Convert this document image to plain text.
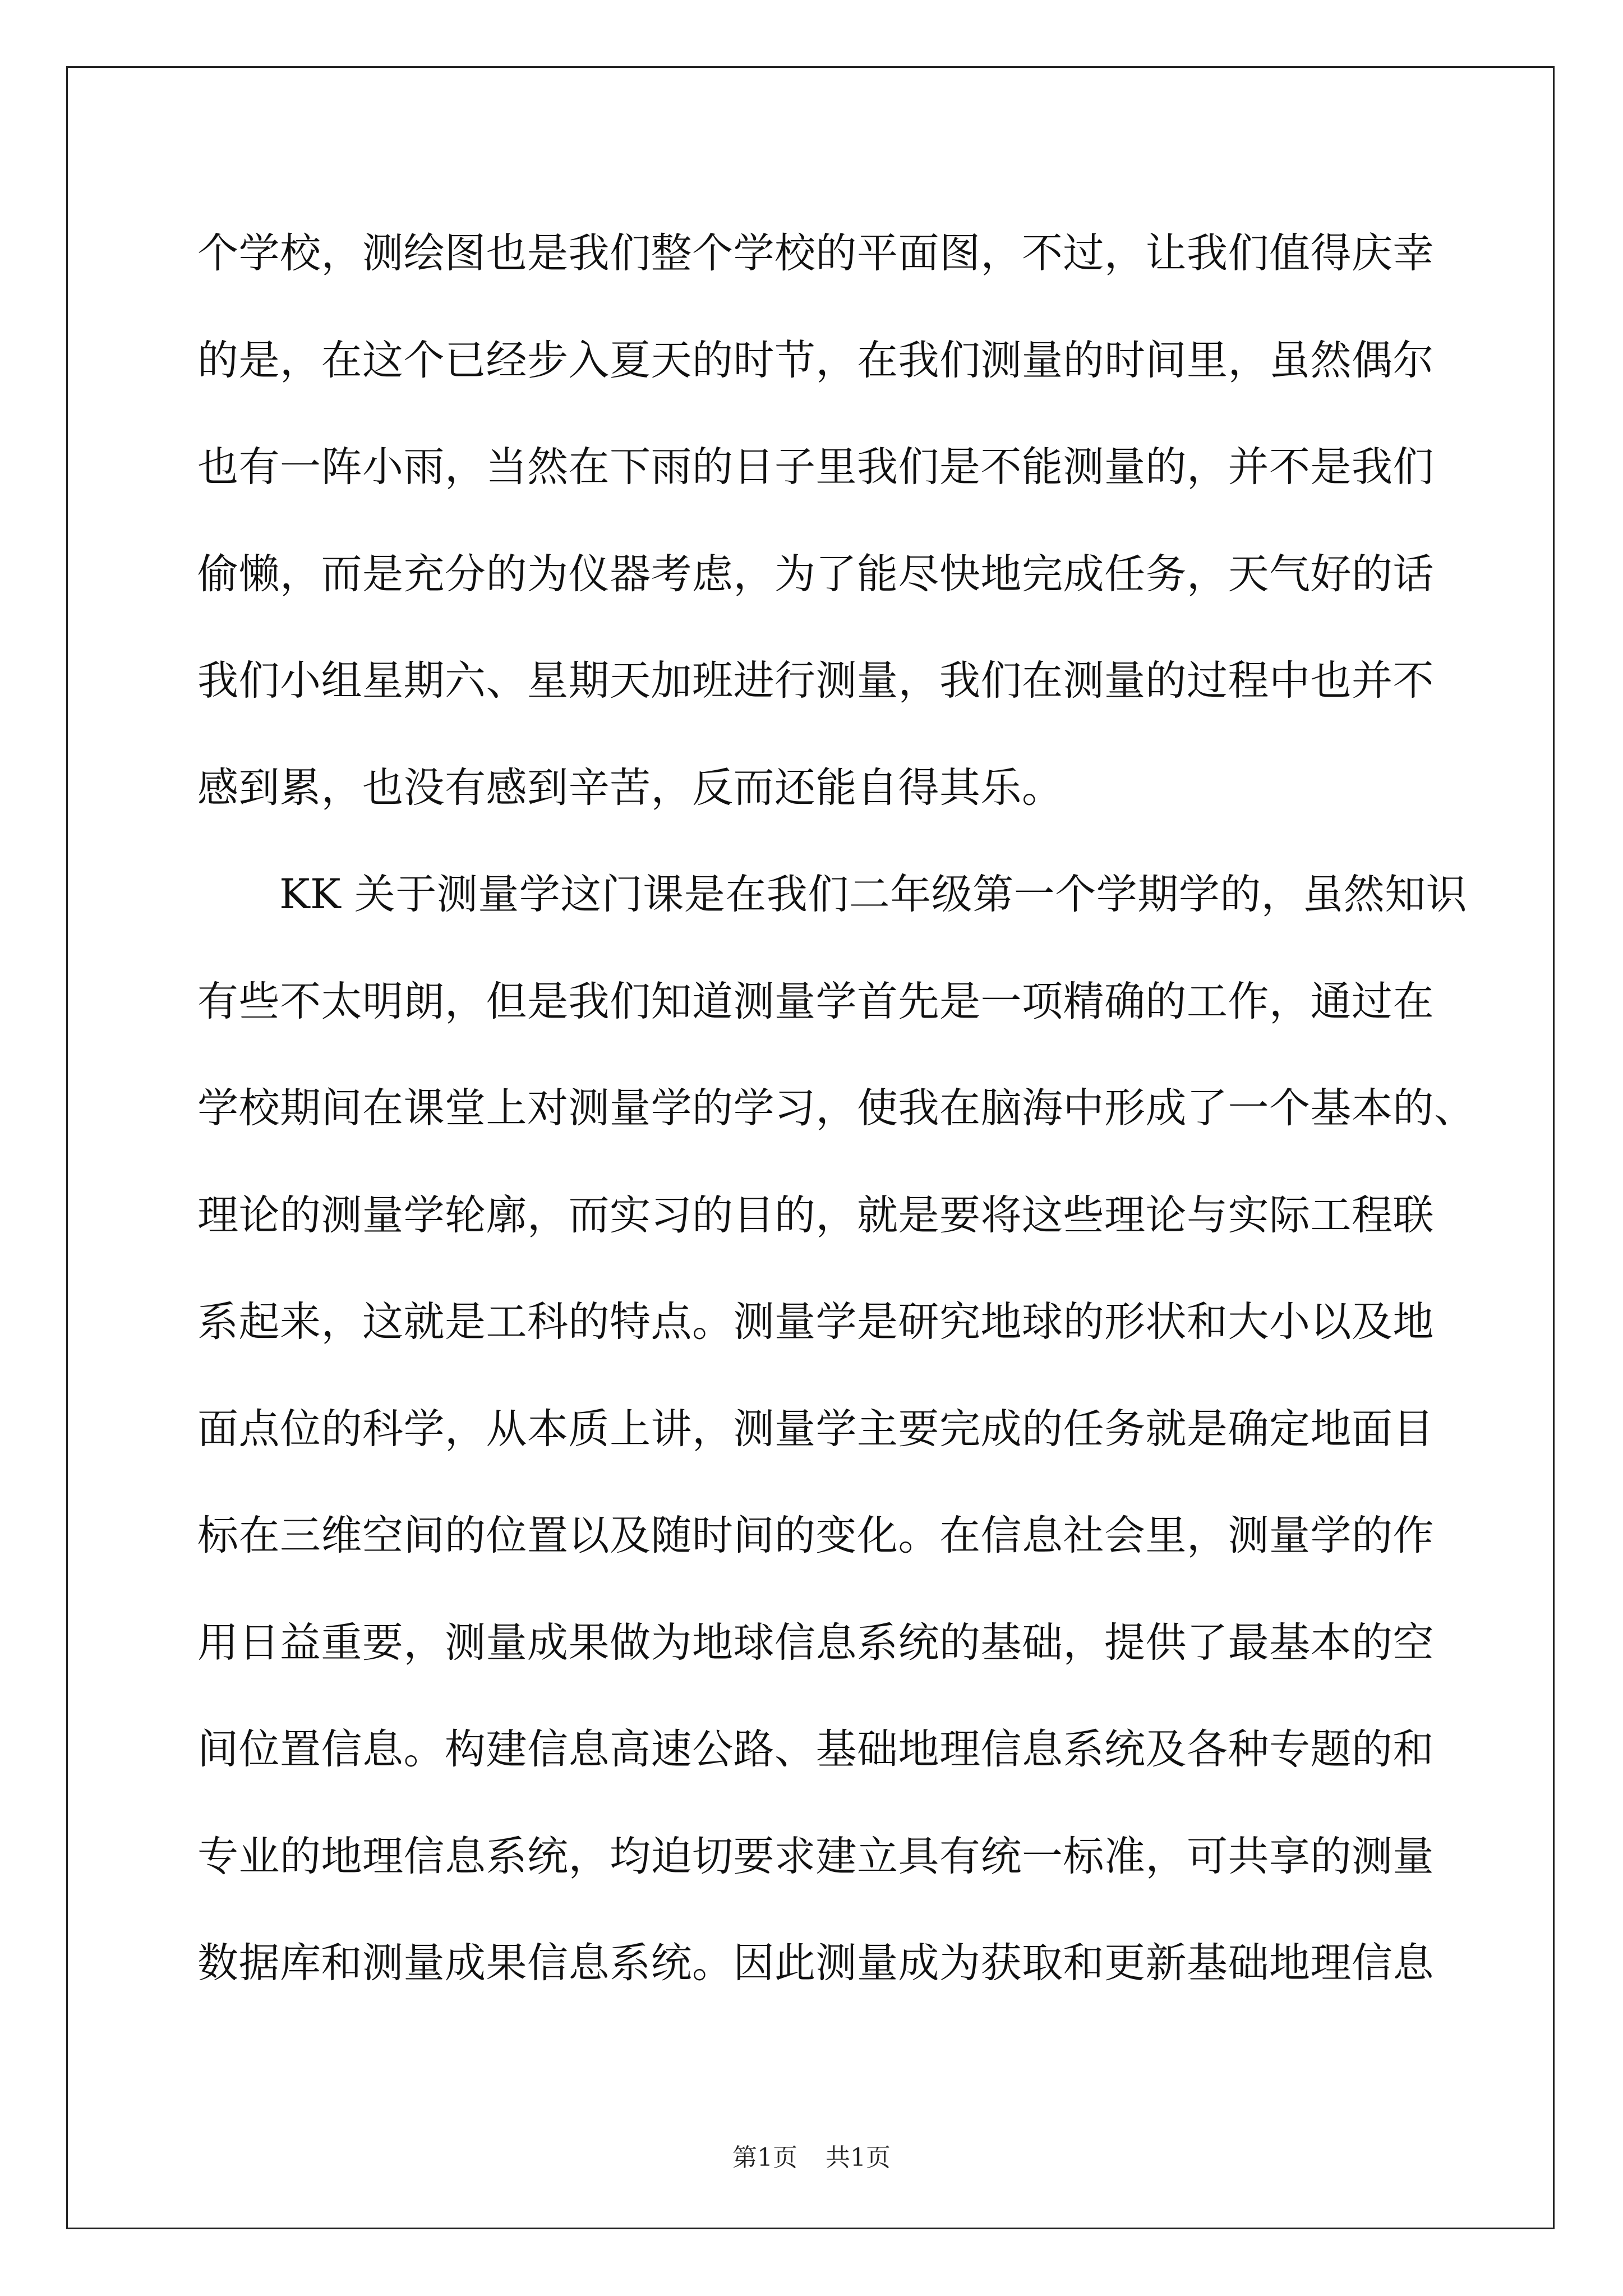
个学校，测绘图也是我们整个学校的平面图，不过，让我们值得庆幸
的是，在这个已经步入夏天的时节，在我们测量的时间里，虽然偶尔
也有一阵小雨，当然在下雨的日子里我们是不能测量的，并不是我们
偷懒，而是充分的为仪器考虑，为了能尽快地完成任务，天气好的话
我们小组星期六、星期天加班进行测量，我们在测量的过程中也并不
感到累，也没有感到辛苦，反而还能自得其乐。
KK 关于测量学这门课是在我们二年级第一个学期学的，虽然知识
有些不太明朗，但是我们知道测量学首先是一项精确的工作，通过在
学校期间在课堂上对测量学的学习，使我在脑海中形成了一个基本的、
理论的测量学轮廓，而实习的目的，就是要将这些理论与实际工程联
系起来，这就是工科的特点。测量学是研究地球的形状和大小以及地
面点位的科学，从本质上讲，测量学主要完成的任务就是确定地面目
标在三维空间的位置以及随时间的变化。在信息社会里，测量学的作
用日益重要，测量成果做为地球信息系统的基础，提供了最基本的空
间位置信息。构建信息高速公路、基础地理信息系统及各种专题的和
专业的地理信息系统，均迫切要求建立具有统一标准，可共享的测量
数据库和测量成果信息系统。因此测量成为获取和更新基础地理信息
第1页 共1页
